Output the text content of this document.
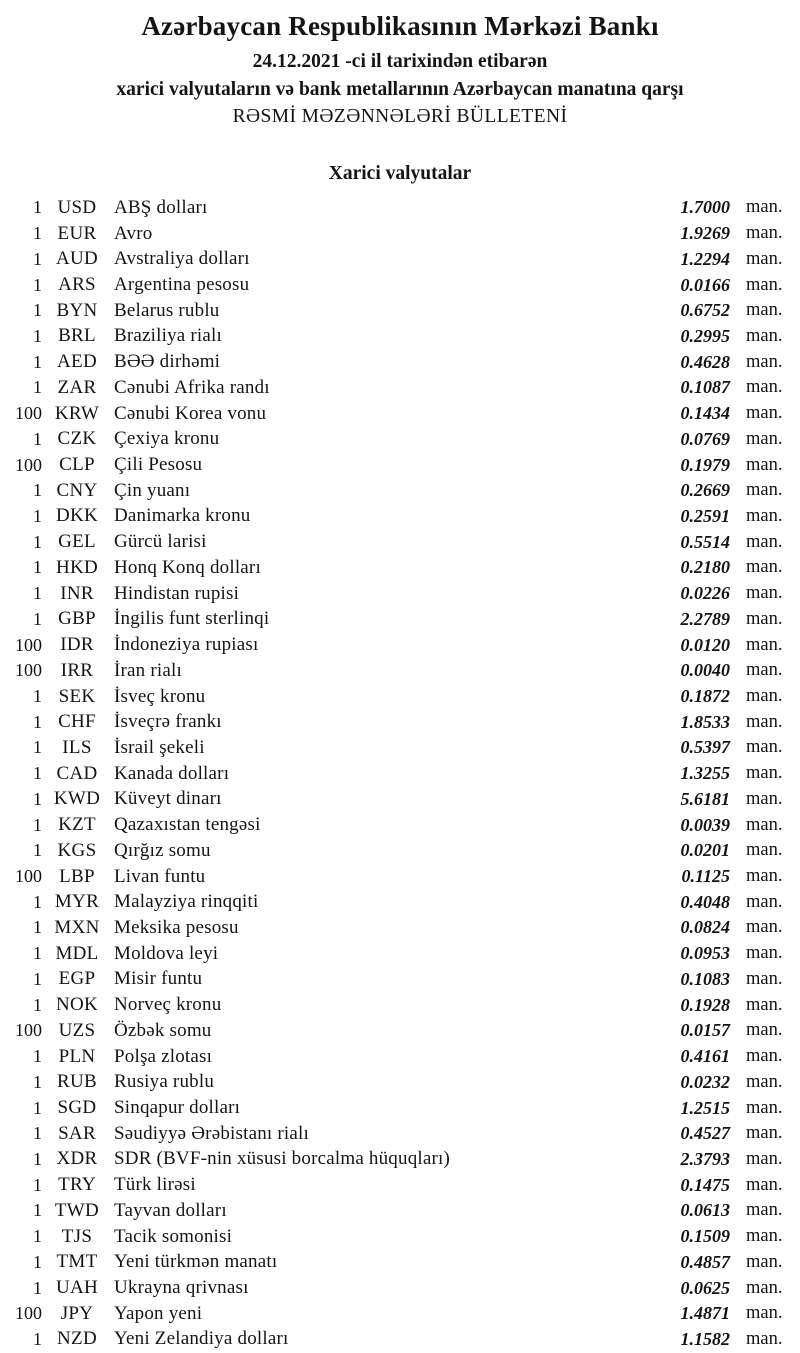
Azərbaycan Respublikasının Mərkəzi Bankı
24.12.2021 -ci il tarixindən etibarən
xarici valyutaların və bank metallarının Azərbaycan manatına qarşı
RƏSMİ MƏZƏNNƏLƏRİ BÜLLETENİ
Xarici valyutalar
1 USD ABŞ dolları	1.7000 man.
1 EUR Avro	1.9269 man.
1 AUD Avstraliya dolları	1.2294 man.
1 ARS Argentina pesosu	0.0166 man.
1 BYN Belarus rublu	0.6752 man.
1 BRL Braziliya rialı	0.2995 man.
1 AED BƏƏ dirhəmi	0.4628 man.
1 ZAR Cənubi Afrika randı	0.1087 man.
100 KRW Cənubi Korea vonu	0.1434 man.
1 CZK Çexiya kronu	0.0769 man.
100 CLP	Çili Pesosu	0.1979 man.
1 CNY Çin yuanı	0.2669 man.
1 DKK Danimarka kronu	0.2591 man.
1 GEL Gürcü larisi	0.5514 man.
1 HKD Honq Konq dolları	0.2180 man.
1 INR	Hindistan rupisi	0.0226 man.
1 GBP İngilis funt sterlinqi	2.2789 man.
100 IDR	İndoneziya rupiası	0.0120 man.
100 IRR	İran rialı	0.0040 man.
1 SEK İsveç kronu	0.1872 man.
1 CHF İsveçrə frankı	1.8533 man.
1	ILS	İsrail şekeli	0.5397 man.
1 CAD Kanada dolları	1.3255 man.
1 KWD Küveyt dinarı	5.6181 man.
1 KZT Qazaxıstan tengəsi	0.0039 man.
1 KGS Qırğız somu	0.0201 man.
100 LBP	Livan funtu	0.1125 man.
1 MYR Malayziya rinqqiti	0.4048 man.
1 MXN Meksika pesosu	0.0824 man.
1 MDL Moldova leyi	0.0953 man.
1 EGP Misir funtu	0.1083 man.
1 NOK Norveç kronu	0.1928 man.
100 UZS Özbək somu	0.0157 man.
1 PLN Polşa zlotası	0.4161 man.
1 RUB Rusiya rublu	0.0232 man.
1 SGD Sinqapur dolları	1.2515 man.
1 SAR Səudiyyə Ərəbistanı rialı	0.4527 man.
1 XDR SDR (BVF-nin xüsusi borcalma hüquqları)	2.3793 man.
1 TRY Türk lirəsi	0.1475 man.
1 TWD Tayvan dolları	0.0613 man.
1	TJS	Tacik somonisi	0.1509 man.
1 TMT Yeni türkmən manatı	0.4857 man.
1 UAH Ukrayna qrivnası	0.0625 man.
100 JPY	Yapon yeni	1.4871 man.
1 NZD Yeni Zelandiya dolları	1.1582 man.
